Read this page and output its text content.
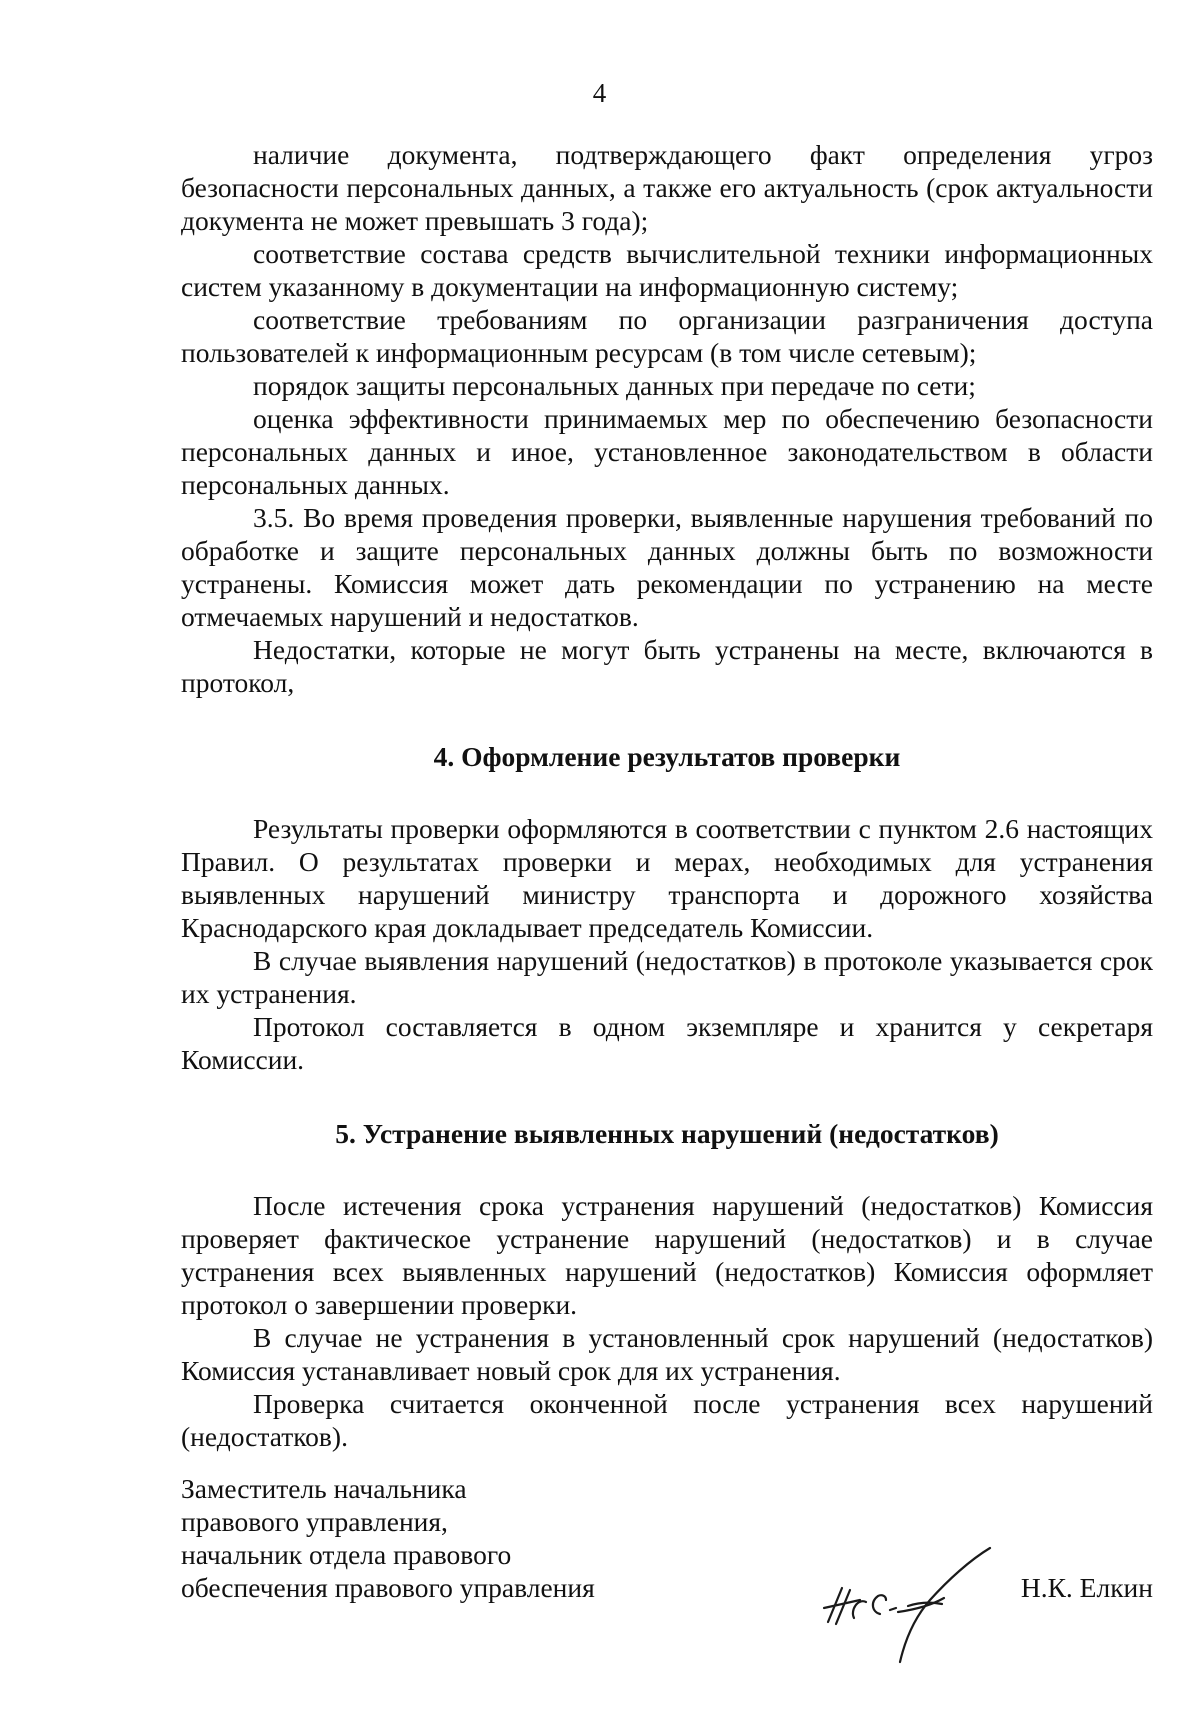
4

наличие документа, подтверждающего факт определения угроз безопасности персональных данных, а также его актуальность (срок актуальности документа не может превышать 3 года);

соответствие состава средств вычислительной техники информационных систем указанному в документации на информационную систему;

соответствие требованиям по организации разграничения доступа пользователей к информационным ресурсам (в том числе сетевым);

порядок защиты персональных данных при передаче по сети;

оценка эффективности принимаемых мер по обеспечению безопасности персональных данных и иное, установленное законодательством в области персональных данных.

3.5. Во время проведения проверки, выявленные нарушения требований по обработке и защите персональных данных должны быть по возможности устранены. Комиссия может дать рекомендации по устранению на месте отмечаемых нарушений и недостатков.

Недостатки, которые не могут быть устранены на месте, включаются в протокол,

4. Оформление результатов проверки

Результаты проверки оформляются в соответствии с пунктом 2.6 настоящих Правил. О результатах проверки и мерах, необходимых для устранения выявленных нарушений министру транспорта и дорожного хозяйства Краснодарского края докладывает председатель Комиссии.

В случае выявления нарушений (недостатков) в протоколе указывается срок их устранения.

Протокол составляется в одном экземпляре и хранится у секретаря Комиссии.

5. Устранение выявленных нарушений (недостатков)

После истечения срока устранения нарушений (недостатков) Комиссия проверяет фактическое устранение нарушений (недостатков) и в случае устранения всех выявленных нарушений (недостатков) Комиссия оформляет протокол о завершении проверки.

В случае не устранения в установленный срок нарушений (недостатков) Комиссия устанавливает новый срок для их устранения.

Проверка считается оконченной после устранения всех нарушений (недостатков).

Заместитель начальника
правового управления,
начальник отдела правового
обеспечения правового управления	Н.К. Елкин
